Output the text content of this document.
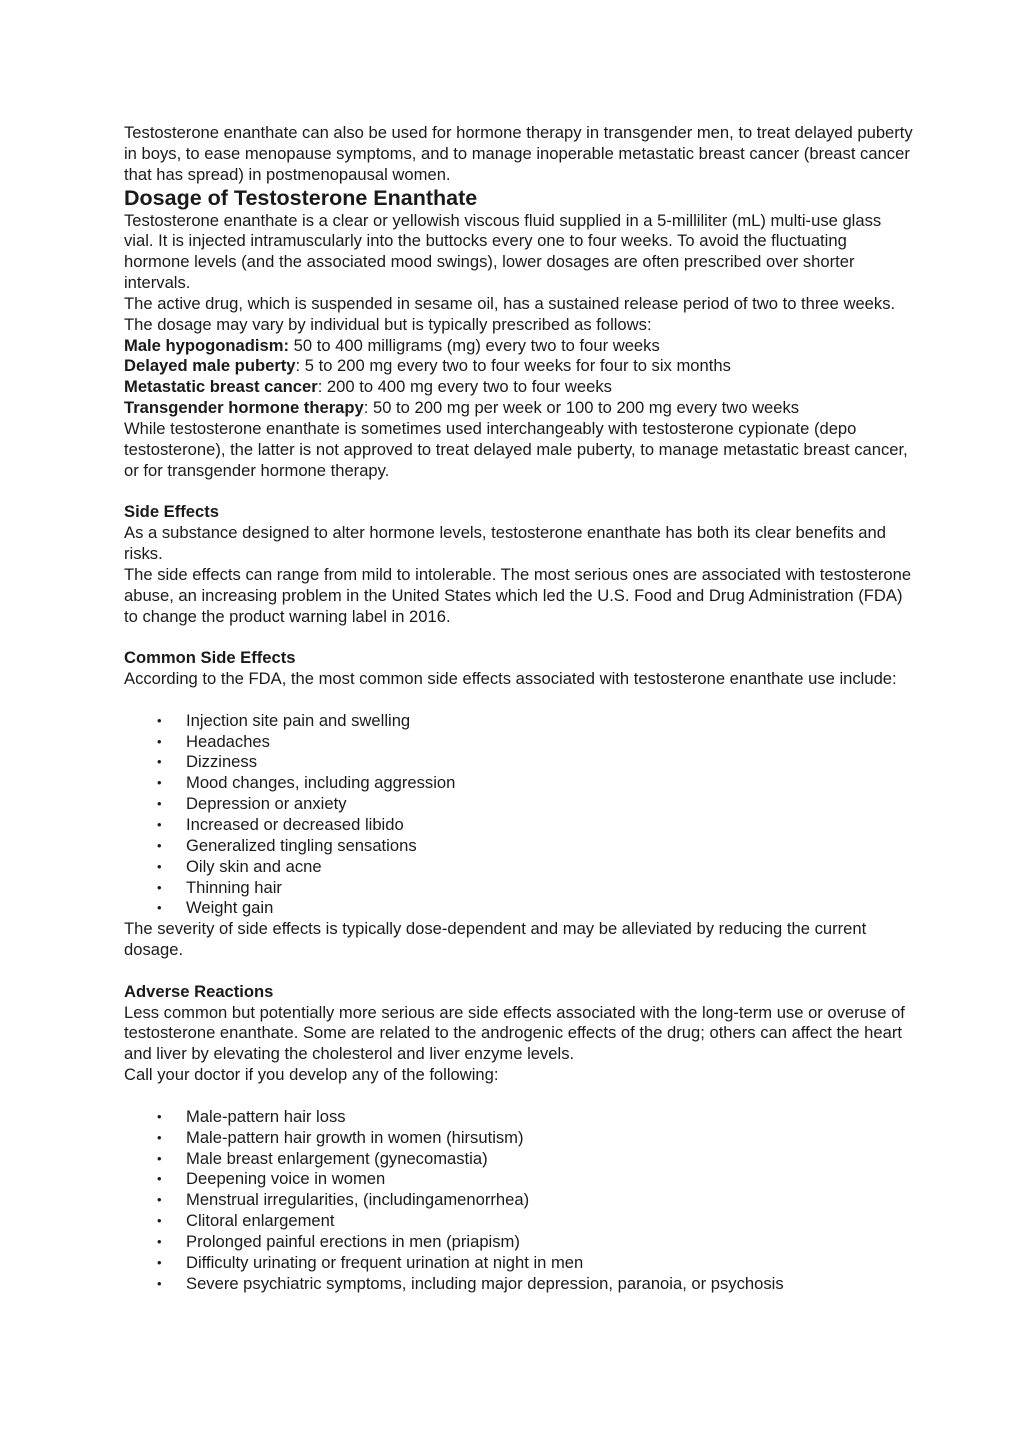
Testosterone enanthate can also be used for hormone therapy in transgender men, to treat delayed puberty in boys, to ease menopause symptoms, and to manage inoperable metastatic breast cancer (breast cancer that has spread) in postmenopausal women.

Dosage of Testosterone Enanthate

Testosterone enanthate is a clear or yellowish viscous fluid supplied in a 5-milliliter (mL) multi-use glass vial. It is injected intramuscularly into the buttocks every one to four weeks. To avoid the fluctuating hormone levels (and the associated mood swings), lower dosages are often prescribed over shorter intervals.

The active drug, which is suspended in sesame oil, has a sustained release period of two to three weeks. The dosage may vary by individual but is typically prescribed as follows:

Male hypogonadism: 50 to 400 milligrams (mg) every two to four weeks

Delayed male puberty: 5 to 200 mg every two to four weeks for four to six months

Metastatic breast cancer: 200 to 400 mg every two to four weeks

Transgender hormone therapy: 50 to 200 mg per week or 100 to 200 mg every two weeks

While testosterone enanthate is sometimes used interchangeably with testosterone cypionate (depo testosterone), the latter is not approved to treat delayed male puberty, to manage metastatic breast cancer, or for transgender hormone therapy.

Side Effects

As a substance designed to alter hormone levels, testosterone enanthate has both its clear benefits and risks.

The side effects can range from mild to intolerable. The most serious ones are associated with testosterone abuse, an increasing problem in the United States which led the U.S. Food and Drug Administration (FDA) to change the product warning label in 2016.

Common Side Effects

According to the FDA, the most common side effects associated with testosterone enanthate use include:

• Injection site pain and swelling
• Headaches
• Dizziness
• Mood changes, including aggression
• Depression or anxiety
• Increased or decreased libido
• Generalized tingling sensations
• Oily skin and acne
• Thinning hair
• Weight gain

The severity of side effects is typically dose-dependent and may be alleviated by reducing the current dosage.

Adverse Reactions

Less common but potentially more serious are side effects associated with the long-term use or overuse of testosterone enanthate. Some are related to the androgenic effects of the drug; others can affect the heart and liver by elevating the cholesterol and liver enzyme levels.

Call your doctor if you develop any of the following:

• Male-pattern hair loss
• Male-pattern hair growth in women (hirsutism)
• Male breast enlargement (gynecomastia)
• Deepening voice in women
• Menstrual irregularities, (includingamenorrhea)
• Clitoral enlargement
• Prolonged painful erections in men (priapism)
• Difficulty urinating or frequent urination at night in men
• Severe psychiatric symptoms, including major depression, paranoia, or psychosis
